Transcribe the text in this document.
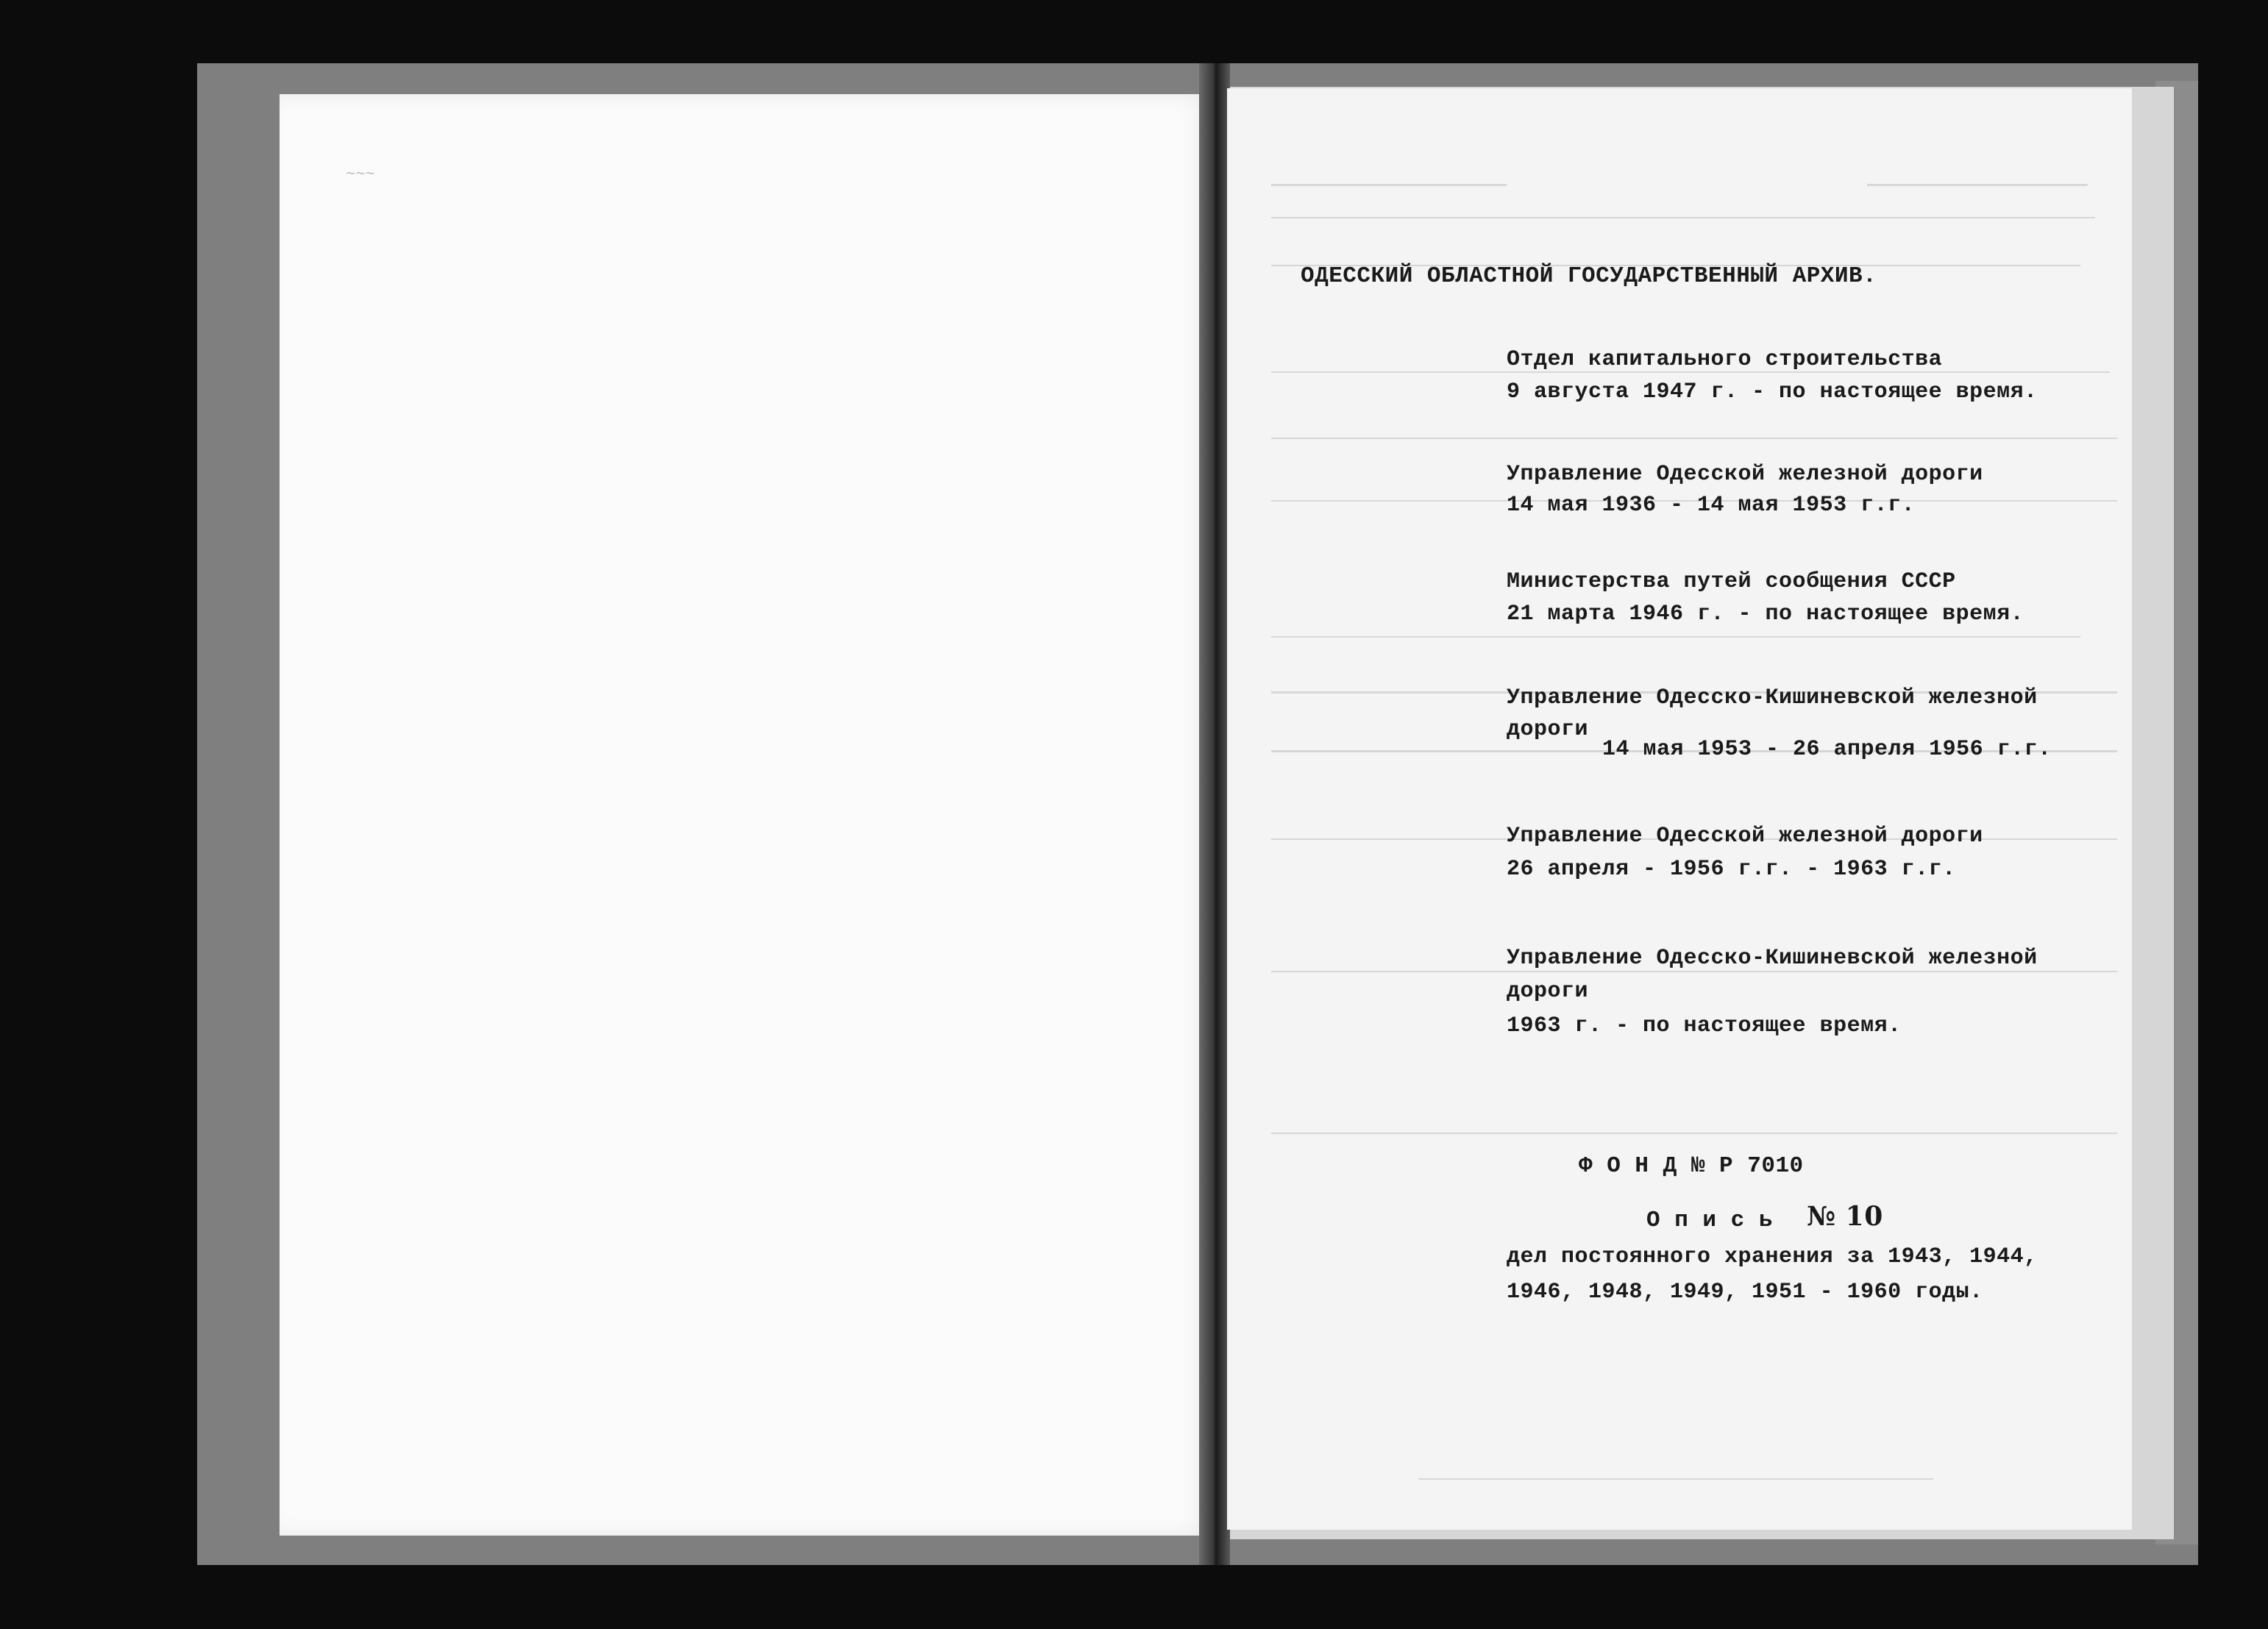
ОДЕССКИЙ ОБЛАСТНОЙ ГОСУДАРСТВЕННЫЙ АРХИВ.
Отдел капитального строительства
9 августа 1947 г. - по настоящее время.
Управление Одесской железной дороги
14 мая 1936 - 14 мая 1953 г.г.
Министерства путей сообщения СССР
21 марта 1946 г. - по настоящее время.
Управление Одесско-Кишиневской железной
дороги
14 мая 1953 - 26 апреля 1956 г.г.
Управление Одесской железной дороги
26 апреля - 1956 г.г. - 1963 г.г.
Управление Одесско-Кишиневской железной
дороги
1963 г. - по настоящее время.
Ф О Н Д № Р 7010
О п и с ь № 10
дел постоянного хранения за 1943, 1944,
1946, 1948, 1949, 1951 - 1960 годы.
